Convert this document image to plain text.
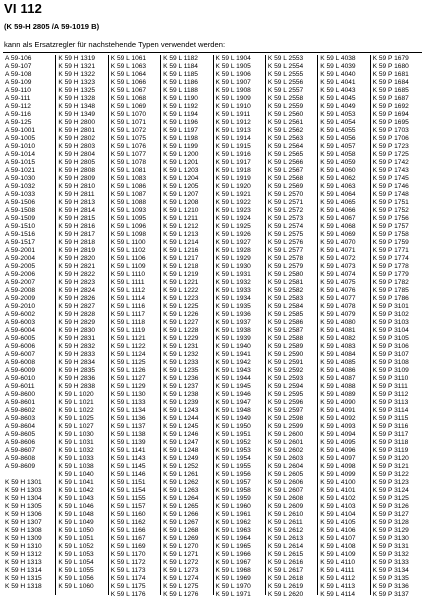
VI 112
(K 59-H 2805 /A 59-1019 B)
kann als Ersatzregler für nachstehende Typen verwendet werden:
A 59-106
A 59-107
A 59-108
A 59-109
A 59-110
A 59-111
A 59-112
A 59-116
A 59-125
A 59-1001
A 59-1005
A 59-1010
A 59-1014
A 59-1015
A 59-1021
A 59-1030
A 59-1032
A 59-1033
A 59-1506
A 59-1508
A 59-1509
A 59-1510
A 59-1516
A 59-1517
A 59-2001
A 59-2004
A 59-2005
A 59-2006
A 59-2007
A 59-2008
A 59-2009
A 59-2010
A 59-6002
A 59-6003
A 59-6004
A 59-6005
A 59-6006
A 59-6007
A 59-6008
A 59-6009
A 59-6010
A 59-6011
A 59-8600
A 59-8601
A 59-8602
A 59-8603
A 59-8604
A 59-8605
A 59-8606
A 59-8607
A 59-8608
A 59-8609
K 59 H 1301
K 59 H 1303
K 59 H 1304
K 59 H 1305
K 59 H 1306
K 59 H 1307
K 59 H 1308
K 59 H 1309
K 59 H 1310
K 59 H 1312
K 59 H 1313
K 59 H 1314
K 59 H 1315
K 59 H 1318
K 59 H 1319
K 59 H 1321
K 59 H 1322
K 59 H 1323
K 59 H 1325
K 59 H 1328
K 59 H 1348
K 59 H 1349
K 59 H 2800
K 59 H 2801
K 59 H 2802
K 59 H 2803
K 59 H 2804
K 59 H 2805
K 59 H 2808
K 59 H 2809
K 59 H 2810
K 59 H 2811
K 59 H 2813
K 59 H 2814
K 59 H 2815
K 59 H 2816
K 59 H 2817
K 59 H 2818
K 59 H 2819
K 59 H 2820
K 59 H 2821
K 59 H 2822
K 59 H 2823
K 59 H 2824
K 59 H 2826
K 59 H 2827
K 59 H 2828
K 59 H 2829
K 59 H 2830
K 59 H 2831
K 59 H 2832
K 59 H 2833
K 59 H 2834
K 59 H 2835
K 59 H 2836
K 59 H 2838
K 59 L 1020
K 59 L 1021
K 59 L 1022
K 59 L 1025
K 59 L 1027
K 59 L 1030
K 59 L 1031
K 59 L 1032
K 59 L 1033
K 59 L 1038
K 59 L 1040
K 59 L 1041
K 59 L 1042
K 59 L 1043
K 59 L 1046
K 59 L 1048
K 59 L 1049
K 59 L 1050
K 59 L 1051
K 59 L 1052
K 59 L 1053
K 59 L 1054
K 59 L 1055
K 59 L 1056
K 59 L 1060
K 59 L 1061
K 59 L 1063
K 59 L 1064
K 59 L 1066
K 59 L 1067
K 59 L 1068
K 59 L 1069
K 59 L 1070
K 59 L 1071
K 59 L 1072
K 59 L 1075
K 59 L 1076
K 59 L 1077
K 59 L 1078
K 59 L 1081
K 59 L 1083
K 59 L 1086
K 59 L 1087
K 59 L 1088
K 59 L 1093
K 59 L 1095
K 59 L 1096
K 59 L 1098
K 59 L 1100
K 59 L 1102
K 59 L 1106
K 59 L 1109
K 59 L 1110
K 59 L 1111
K 59 L 1112
K 59 L 1114
K 59 L 1116
K 59 L 1117
K 59 L 1118
K 59 L 1119
K 59 L 1121
K 59 L 1122
K 59 L 1124
K 59 L 1125
K 59 L 1126
K 59 L 1127
K 59 L 1129
K 59 L 1130
K 59 L 1133
K 59 L 1134
K 59 L 1136
K 59 L 1137
K 59 L 1138
K 59 L 1139
K 59 L 1141
K 59 L 1143
K 59 L 1145
K 59 L 1146
K 59 L 1151
K 59 L 1154
K 59 L 1155
K 59 L 1157
K 59 L 1160
K 59 L 1162
K 59 L 1166
K 59 L 1167
K 59 L 1169
K 59 L 1170
K 59 L 1172
K 59 L 1173
K 59 L 1174
K 59 L 1175
K 59 L 1176
K 59 L 1182
K 59 L 1184
K 59 L 1185
K 59 L 1186
K 59 L 1188
K 59 L 1190
K 59 L 1192
K 59 L 1194
K 59 L 1196
K 59 L 1197
K 59 L 1198
K 59 L 1199
K 59 L 1200
K 59 L 1201
K 59 L 1203
K 59 L 1204
K 59 L 1205
K 59 L 1207
K 59 L 1208
K 59 L 1210
K 59 L 1211
K 59 L 1212
K 59 L 1213
K 59 L 1214
K 59 L 1216
K 59 L 1217
K 59 L 1218
K 59 L 1219
K 59 L 1221
K 59 L 1222
K 59 L 1223
K 59 L 1225
K 59 L 1226
K 59 L 1227
K 59 L 1228
K 59 L 1229
K 59 L 1231
K 59 L 1232
K 59 L 1233
K 59 L 1235
K 59 L 1236
K 59 L 1237
K 59 L 1238
K 59 L 1239
K 59 L 1243
K 59 L 1244
K 59 L 1245
K 59 L 1246
K 59 L 1247
K 59 L 1248
K 59 L 1249
K 59 L 1252
K 59 L 1261
K 59 L 1262
K 59 L 1263
K 59 L 1264
K 59 L 1265
K 59 L 1266
K 59 L 1267
K 59 L 1268
K 59 L 1269
K 59 L 1270
K 59 L 1271
K 59 L 1272
K 59 L 1273
K 59 L 1274
K 59 L 1275
K 59 L 1276
K 59 L 1904
K 59 L 1905
K 59 L 1906
K 59 L 1907
K 59 L 1908
K 59 L 1909
K 59 L 1910
K 59 L 1911
K 59 L 1912
K 59 L 1913
K 59 L 1914
K 59 L 1915
K 59 L 1916
K 59 L 1917
K 59 L 1918
K 59 L 1919
K 59 L 1920
K 59 L 1921
K 59 L 1922
K 59 L 1923
K 59 L 1924
K 59 L 1925
K 59 L 1926
K 59 L 1927
K 59 L 1928
K 59 L 1929
K 59 L 1930
K 59 L 1931
K 59 L 1932
K 59 L 1933
K 59 L 1934
K 59 L 1935
K 59 L 1936
K 59 L 1937
K 59 L 1938
K 59 L 1939
K 59 L 1940
K 59 L 1941
K 59 L 1942
K 59 L 1943
K 59 L 1944
K 59 L 1945
K 59 L 1946
K 59 L 1947
K 59 L 1948
K 59 L 1949
K 59 L 1950
K 59 L 1951
K 59 L 1952
K 59 L 1953
K 59 L 1954
K 59 L 1955
K 59 L 1956
K 59 L 1957
K 59 L 1958
K 59 L 1959
K 59 L 1960
K 59 L 1961
K 59 L 1962
K 59 L 1963
K 59 L 1964
K 59 L 1965
K 59 L 1966
K 59 L 1967
K 59 L 1968
K 59 L 1969
K 59 L 1970
K 59 L 1971
K 59 L 2553
K 59 L 2554
K 59 L 2555
K 59 L 2556
K 59 L 2557
K 59 L 2558
K 59 L 2559
K 59 L 2560
K 59 L 2561
K 59 L 2562
K 59 L 2563
K 59 L 2564
K 59 L 2565
K 59 L 2566
K 59 L 2567
K 59 L 2568
K 59 L 2569
K 59 L 2570
K 59 L 2571
K 59 L 2572
K 59 L 2573
K 59 L 2574
K 59 L 2575
K 59 L 2576
K 59 L 2577
K 59 L 2578
K 59 L 2579
K 59 L 2580
K 59 L 2581
K 59 L 2582
K 59 L 2583
K 59 L 2584
K 59 L 2585
K 59 L 2586
K 59 L 2587
K 59 L 2588
K 59 L 2589
K 59 L 2590
K 59 L 2591
K 59 L 2592
K 59 L 2593
K 59 L 2594
K 59 L 2595
K 59 L 2596
K 59 L 2597
K 59 L 2598
K 59 L 2599
K 59 L 2600
K 59 L 2601
K 59 L 2602
K 59 L 2603
K 59 L 2604
K 59 L 2605
K 59 L 2606
K 59 L 2607
K 59 L 2608
K 59 L 2609
K 59 L 2610
K 59 L 2611
K 59 L 2612
K 59 L 2613
K 59 L 2614
K 59 L 2615
K 59 L 2616
K 59 L 2617
K 59 L 2618
K 59 L 2619
K 59 L 2620
K 59 L 4038
K 59 L 4039
K 59 L 4040
K 59 L 4041
K 59 L 4043
K 59 L 4045
K 59 L 4049
K 59 L 4053
K 59 L 4054
K 59 L 4055
K 59 L 4056
K 59 L 4057
K 59 L 4058
K 59 L 4059
K 59 L 4060
K 59 L 4062
K 59 L 4063
K 59 L 4064
K 59 L 4065
K 59 L 4066
K 59 L 4067
K 59 L 4068
K 59 L 4069
K 59 L 4070
K 59 L 4071
K 59 L 4072
K 59 L 4073
K 59 L 4074
K 59 L 4075
K 59 L 4076
K 59 L 4077
K 59 L 4078
K 59 L 4079
K 59 L 4080
K 59 L 4081
K 59 L 4082
K 59 L 4083
K 59 L 4084
K 59 L 4085
K 59 L 4086
K 59 L 4087
K 59 L 4088
K 59 L 4089
K 59 L 4090
K 59 L 4091
K 59 L 4092
K 59 L 4093
K 59 L 4094
K 59 L 4095
K 59 L 4096
K 59 L 4097
K 59 L 4098
K 59 L 4099
K 59 L 4100
K 59 L 4101
K 59 L 4102
K 59 L 4103
K 59 L 4104
K 59 L 4105
K 59 L 4106
K 59 L 4107
K 59 L 4108
K 59 L 4109
K 59 L 4110
K 59 L 4111
K 59 L 4112
K 59 L 4113
K 59 L 4114
K 59 P 1679
K 59 P 1680
K 59 P 1681
K 59 P 1684
K 59 P 1685
K 59 P 1687
K 59 P 1692
K 59 P 1694
K 59 P 1695
K 59 P 1703
K 59 P 1706
K 59 P 1723
K 59 P 1725
K 59 P 1742
K 59 P 1743
K 59 P 1745
K 59 P 1746
K 59 P 1748
K 59 P 1751
K 59 P 1752
K 59 P 1756
K 59 P 1757
K 59 P 1758
K 59 P 1759
K 59 P 1771
K 59 P 1774
K 59 P 1778
K 59 P 1779
K 59 P 1782
K 59 P 1785
K 59 P 1786
K 59 P 3101
K 59 P 3102
K 59 P 3103
K 59 P 3104
K 59 P 3105
K 59 P 3106
K 59 P 3107
K 59 P 3108
K 59 P 3109
K 59 P 3110
K 59 P 3111
K 59 P 3112
K 59 P 3113
K 59 P 3114
K 59 P 3115
K 59 P 3116
K 59 P 3117
K 59 P 3118
K 59 P 3119
K 59 P 3120
K 59 P 3121
K 59 P 3122
K 59 P 3123
K 59 P 3124
K 59 P 3125
K 59 P 3126
K 59 P 3127
K 59 P 3128
K 59 P 3129
K 59 P 3130
K 59 P 3131
K 59 P 3132
K 59 P 3133
K 59 P 3134
K 59 P 3135
K 59 P 3136
K 59 P 3137
